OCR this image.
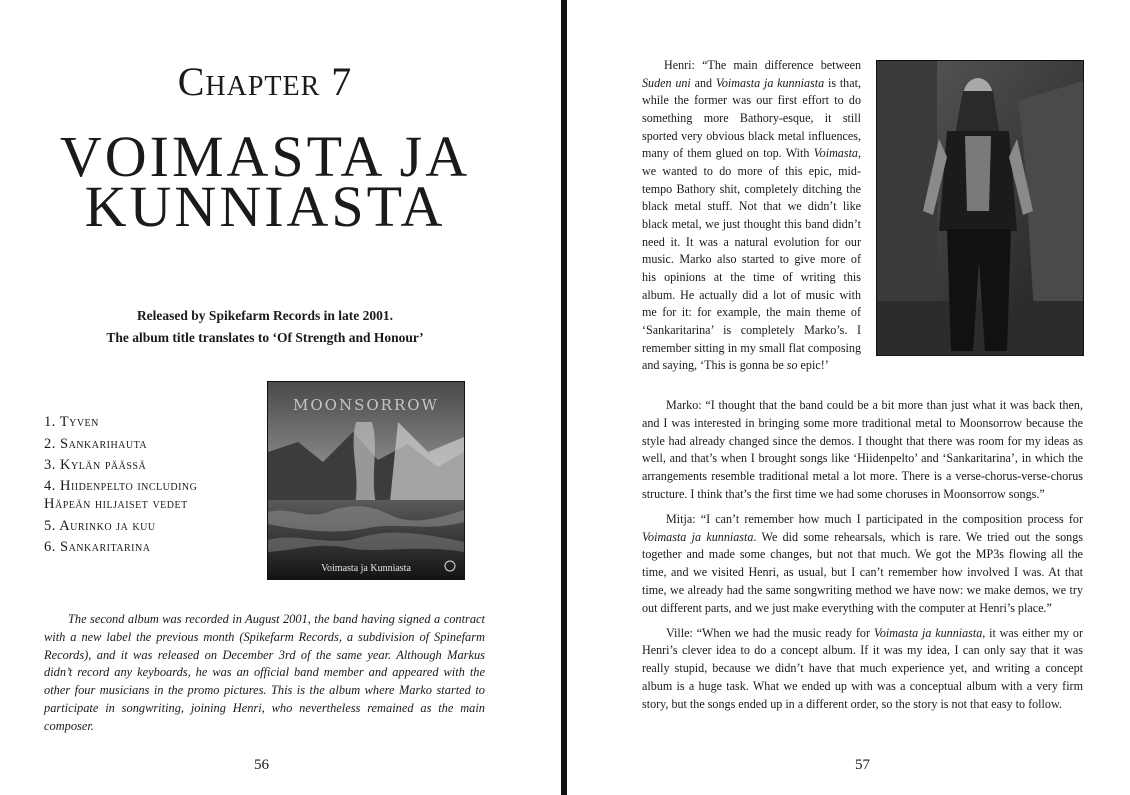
Chapter 7
VOIMASTA JA
KUNNIASTA
Released by Spikefarm Records in late 2001.
The album title translates to ‘Of Strength and Honour’
1. Tyven
2. Sankarihauta
3. Kylän päässä
4. Hiidenpelto including
Häpeän hiljaiset vedet
5. Aurinko ja kuu
6. Sankaritarina
MOONSORROW
Voimasta ja Kunniasta

The second album was recorded in August 2001, the band having signed a contract with a new label the previous month (Spikefarm Records, a subdivision of Spinefarm Records), and it was released on December 3rd of the same year. Although Markus didn’t record any keyboards, he was an official band member and appeared with the other four musicians in the promo pictures. This is the album where Marko started to participate in songwriting, joining Henri, who nevertheless remained as the main composer.

56
Henri: “The main difference between Suden uni and Voimasta ja kunniasta is that, while the former was our first effort to do something more Bathory-esque, it still sported very obvious black metal influences, many of them glued on top. With Voimasta, we wanted to do more of this epic, mid-tempo Bathory shit, completely ditching the black metal stuff. Not that we didn’t like black metal, we just thought this band didn’t need it. It was a natural evolution for our music. Marko also started to give more of his opinions at the time of writing this album. He actually did a lot of music with me for it: for example, the main theme of ‘Sankaritarina’ is completely Marko’s. I remember sitting in my small flat composing and saying, ‘This is gonna be so epic!’

Marko: “I thought that the band could be a bit more than just what it was back then, and I was interested in bringing some more traditional metal to Moonsorrow because the style had already changed since the demos. I thought that there was room for my ideas as well, and that’s when I brought songs like ‘Hiidenpelto’ and ‘Sankaritarina’, in which the arrangements resemble traditional metal a lot more. There is a verse-chorus-verse-chorus structure. I think that’s the first time we had some choruses in Moonsorrow songs.”

Mitja: “I can’t remember how much I participated in the composition process for Voimasta ja kunniasta. We did some rehearsals, which is rare. We tried out the songs together and made some changes, but not that much. We got the MP3s flowing all the time, and we visited Henri, as usual, but I can’t remember how involved I was. At that time, we already had the same songwriting method we have now: we make demos, we try out different parts, and we just make everything with the computer at Henri’s place.”

Ville: “When we had the music ready for Voimasta ja kunniasta, it was either my or Henri’s clever idea to do a concept album. If it was my idea, I can only say that it was really stupid, because we didn’t have that much experience yet, and writing a concept album is a huge task. What we ended up with was a conceptual album with a very firm story, but the songs ended up in a different order, so the story is not that easy to follow.

57
